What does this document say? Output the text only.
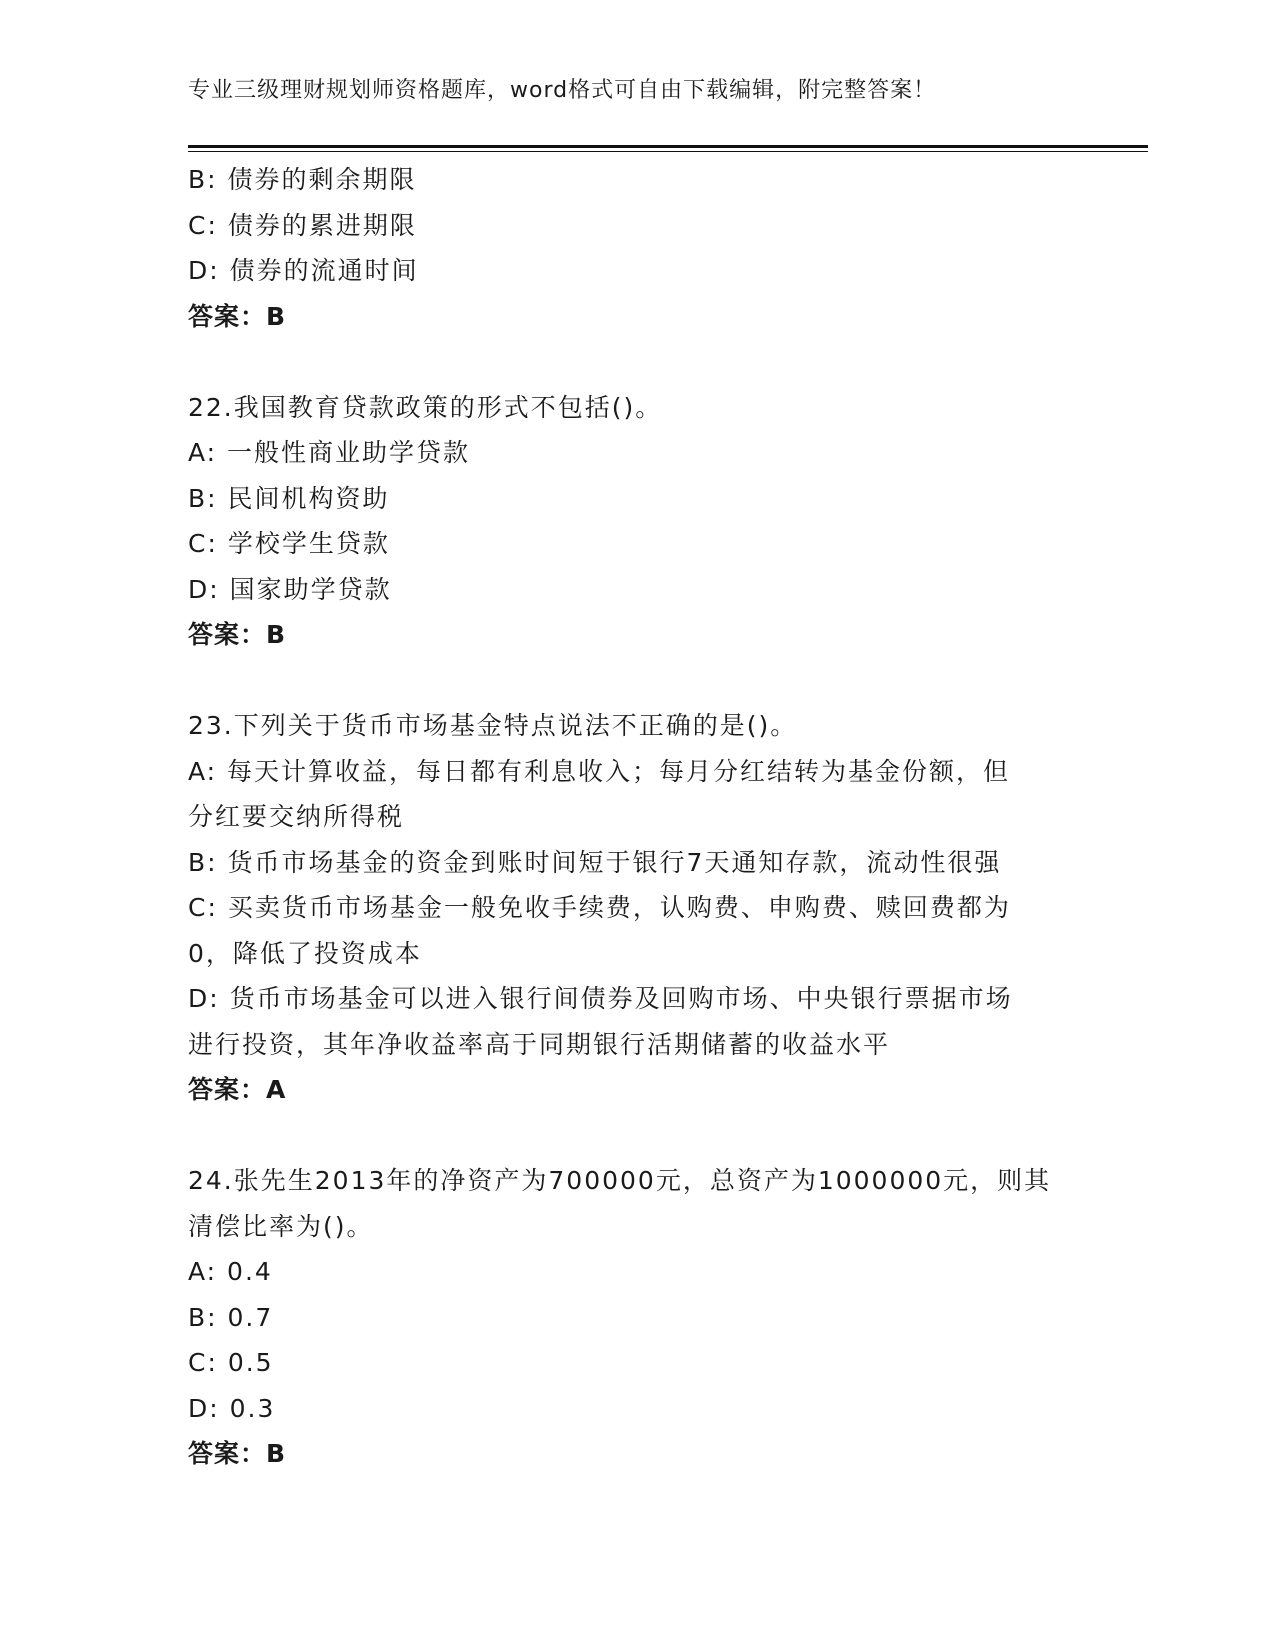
专业三级理财规划师资格题库，word格式可自由下载编辑，附完整答案！
B: 债券的剩余期限
C: 债券的累进期限
D: 债券的流通时间
答案：B
22.我国教育贷款政策的形式不包括()。
A: 一般性商业助学贷款
B: 民间机构资助
C: 学校学生贷款
D: 国家助学贷款
答案：B
23.下列关于货币市场基金特点说法不正确的是()。
A: 每天计算收益，每日都有利息收入；每月分红结转为基金份额，但
分红要交纳所得税
B: 货币市场基金的资金到账时间短于银行7天通知存款，流动性很强
C: 买卖货币市场基金一般免收手续费，认购费、申购费、赎回费都为
0，降低了投资成本
D: 货币市场基金可以进入银行间债券及回购市场、中央银行票据市场
进行投资，其年净收益率高于同期银行活期储蓄的收益水平
答案：A
24.张先生2013年的净资产为700000元，总资产为1000000元，则其
清偿比率为()。
A: 0.4
B: 0.7
C: 0.5
D: 0.3
答案：B
